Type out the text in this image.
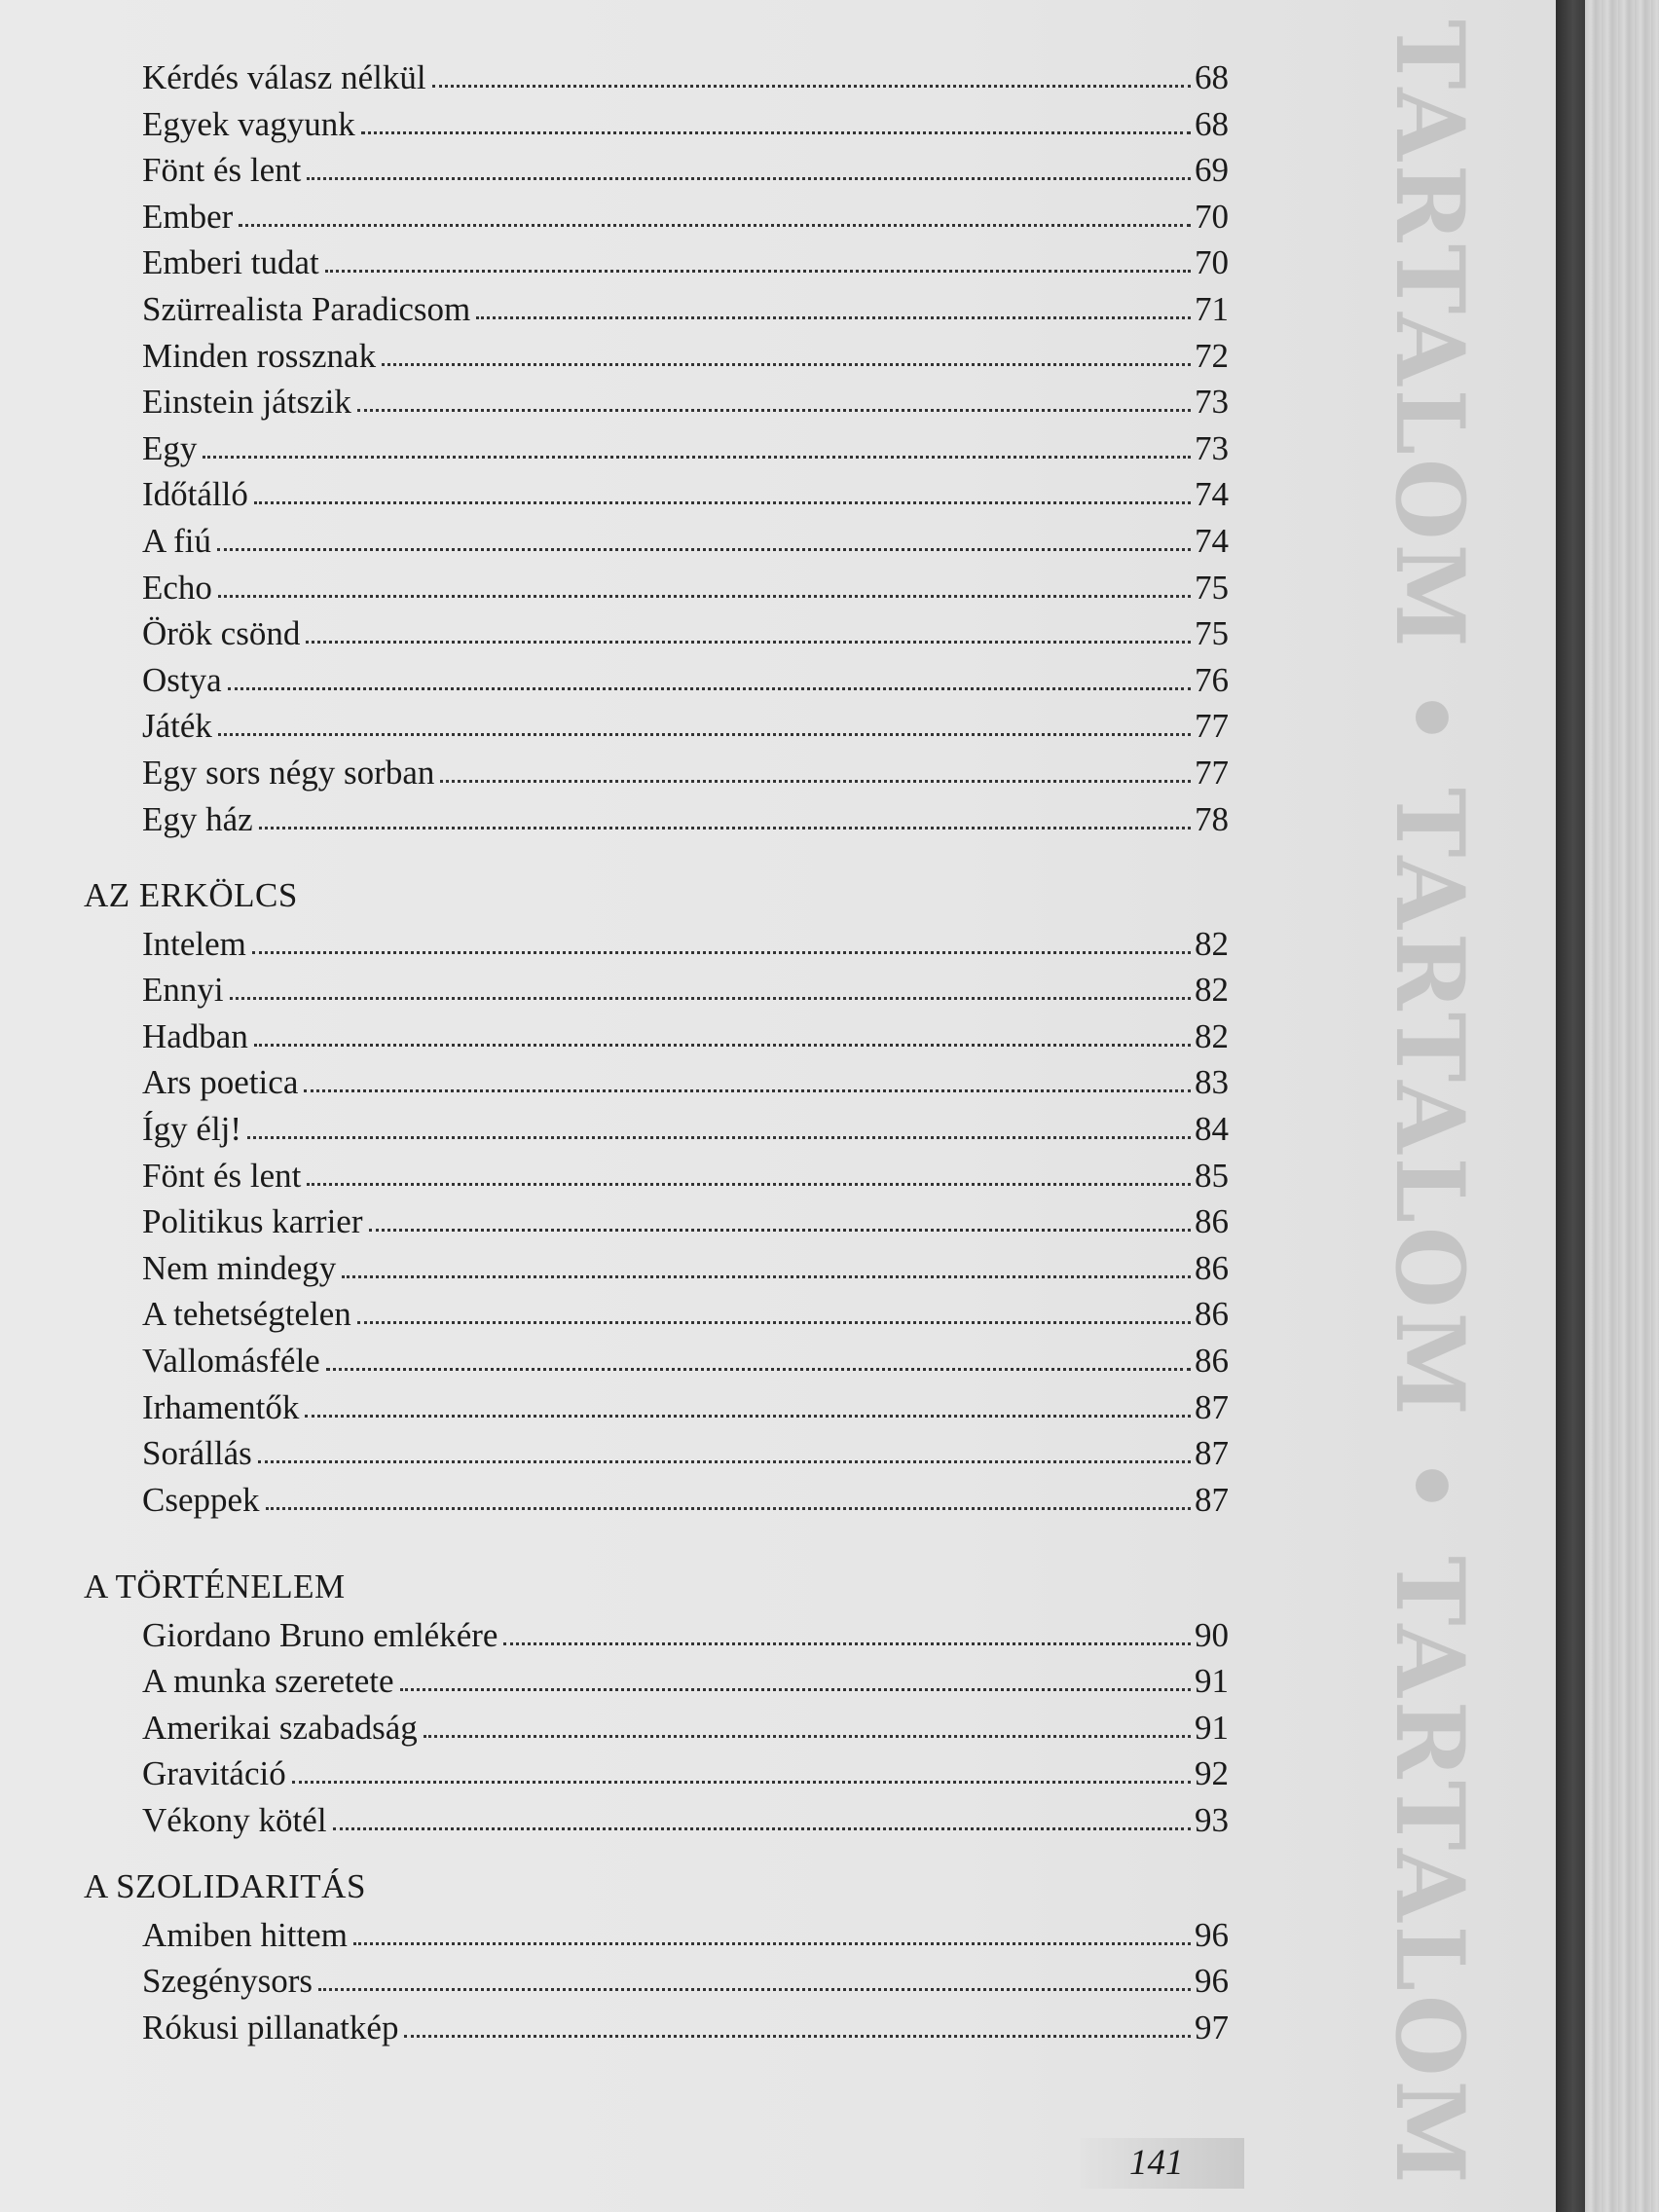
TARTALOM • TARTALOM • TARTALOM
Kérdés válasz nélkül	68
Egyek vagyunk	68
Fönt és lent	69
Ember	70
Emberi tudat	70
Szürrealista Paradicsom	71
Minden rossznak	72
Einstein játszik	73
Egy	73
Időtálló	74
A fiú	74
Echo	75
Örök csönd	75
Ostya	76
Játék	77
Egy sors négy sorban	77
Egy ház	78
AZ ERKÖLCS
Intelem	82
Ennyi	82
Hadban	82
Ars poetica	83
Így élj!	84
Fönt és lent	85
Politikus karrier	86
Nem mindegy	86
A tehetségtelen	86
Vallomásféle	86
Irhamentők	87
Sorállás	87
Cseppek	87
A TÖRTÉNELEM
Giordano Bruno emlékére	90
A munka szeretete	91
Amerikai szabadság	91
Gravitáció	92
Vékony kötél	93
A SZOLIDARITÁS
Amiben hittem	96
Szegénysors	96
Rókusi pillanatkép	97
141
